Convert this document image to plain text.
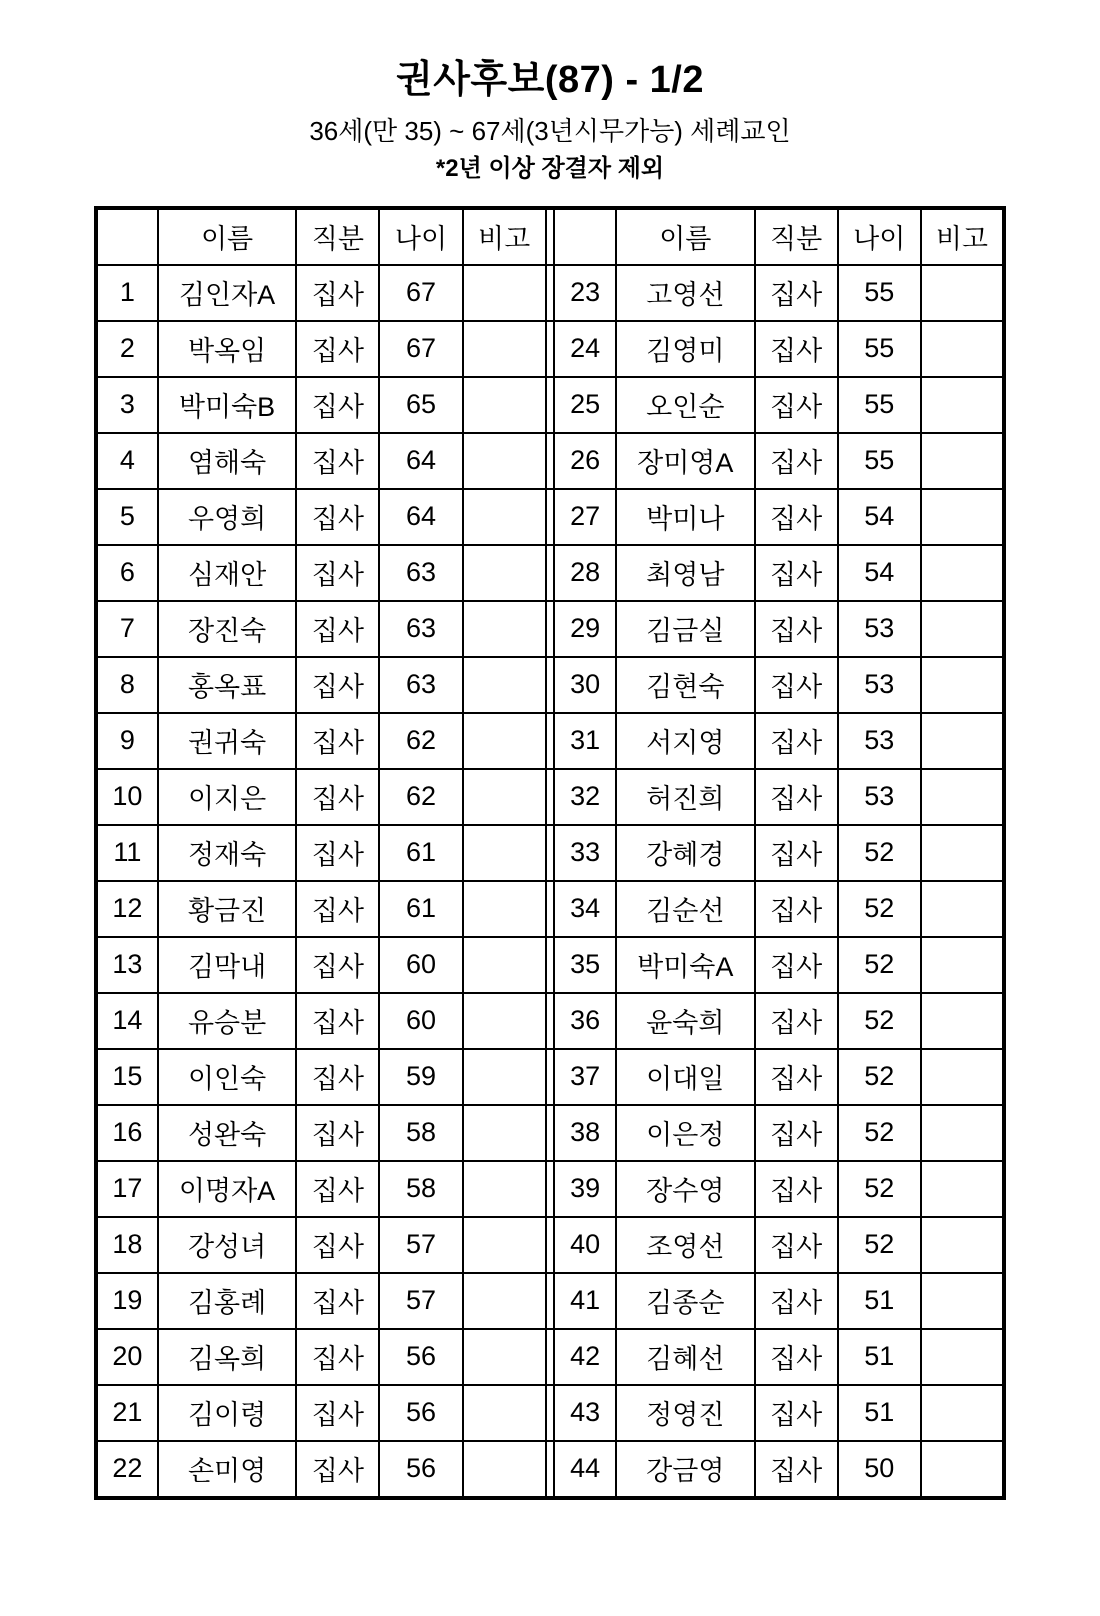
권사후보(87) - 1/2
36세(만 35) ~ 67세(3년시무가능) 세례교인
*2년 이상 장결자 제외
	이름	직분	나이	비고			이름	직분	나이	비고
1	김인자A	집사	67			23	고영선	집사	55	
2	박옥임	집사	67			24	김영미	집사	55	
3	박미숙B	집사	65			25	오인순	집사	55	
4	염해숙	집사	64			26	장미영A	집사	55	
5	우영희	집사	64			27	박미나	집사	54	
6	심재안	집사	63			28	최영남	집사	54	
7	장진숙	집사	63			29	김금실	집사	53	
8	홍옥표	집사	63			30	김현숙	집사	53	
9	권귀숙	집사	62			31	서지영	집사	53	
10	이지은	집사	62			32	허진희	집사	53	
11	정재숙	집사	61			33	강혜경	집사	52	
12	황금진	집사	61			34	김순선	집사	52	
13	김막내	집사	60			35	박미숙A	집사	52	
14	유승분	집사	60			36	윤숙희	집사	52	
15	이인숙	집사	59			37	이대일	집사	52	
16	성완숙	집사	58			38	이은정	집사	52	
17	이명자A	집사	58			39	장수영	집사	52	
18	강성녀	집사	57			40	조영선	집사	52	
19	김홍례	집사	57			41	김종순	집사	51	
20	김옥희	집사	56			42	김혜선	집사	51	
21	김이령	집사	56			43	정영진	집사	51	
22	손미영	집사	56			44	강금영	집사	50	
